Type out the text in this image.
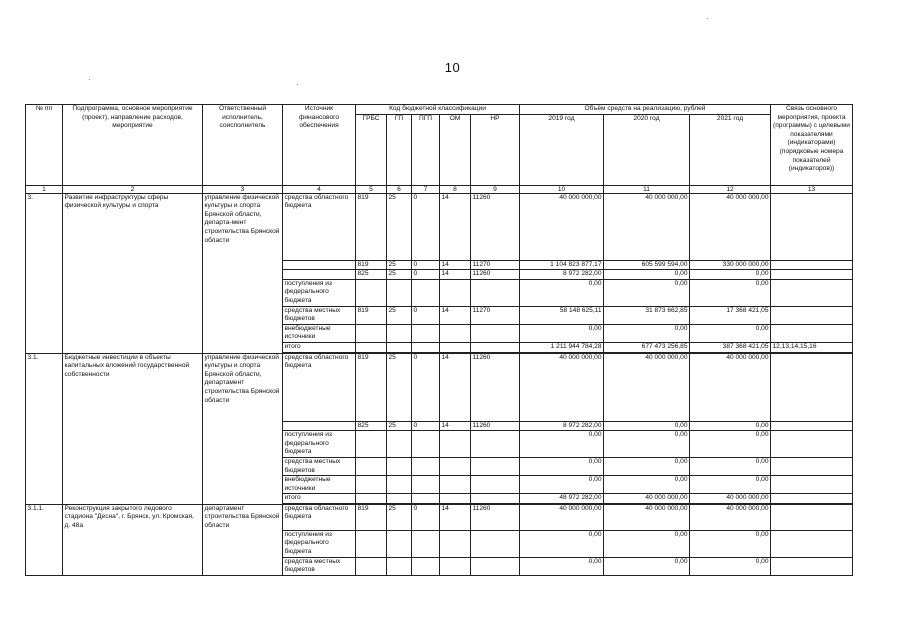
10
№ пп	Подпрограмма, основное мероприятие (проект), направление расходов, мероприятие	Ответственный исполнитель, соисполнитель	Источник финансового обеспечения	Код бюджетной классификации					Объём средств на реализацию, рублей			Связь основного мероприятия, проекта (программы) с целевыми показателями (индикаторами) (порядковые номера показателей (индикаторов))
				ГРБС	ГП	ПГП	ОМ	НР	2019 год	2020 год	2021 год	
1	2	3	4	5	6	7	8	9	10	11	12	13
3.	Развитие инфраструктуры сферы физической культуры и спорта	управление физической культуры и спорта Брянской области, департа-мент строительства Брянской области	средства областного бюджета	819	25	0	14	11260	40 000 000,00	40 000 000,00	40 000 000,00	
				819	25	0	14	11270	1 104 823 877,17	605 599 594,00	330 000 000,00	
				825	25	0	14	11260	8 972 282,00	0,00	0,00	
			поступления из федерального бюджета						0,00	0,00	0,00	
			средства местных бюджетов	819	25	0	14	11270	58 148 625,11	31 873 662,85	17 368 421,05	
			внебюджетные источники						0,00	0,00	0,00	
			итого						1 211 944 784,28	677 473 256,85	387 368 421,05	12,13,14,15,16

3.1.	Бюджетные инвестиции в объекты капитальных вложений государственной собственности	управление физической культуры и спорта Брянской области, департамент строительства Брянской области	средства областного бюджета	819	25	0	14	11260	40 000 000,00	40 000 000,00	40 000 000,00	
				825	25	0	14	11260	8 972 282,00	0,00	0,00	
			поступления из федерального бюджета						0,00	0,00	0,00	
			средства местных бюджетов						0,00	0,00	0,00	
			внебюджетные источники						0,00	0,00	0,00	
			итого						48 972 282,00	40 000 000,00	40 000 000,00	

3.1.1.	Реконструкция закрытого ледового стадиона "Десна", г. Брянск, ул. Кромская, д. 48а	департамент строительства Брянской области	средства областного бюджета	819	25	0	14	11260	40 000 000,00	40 000 000,00	40 000 000,00	
			поступления из федерального бюджета						0,00	0,00	0,00	
			средства местных бюджетов						0,00	0,00	0,00	
